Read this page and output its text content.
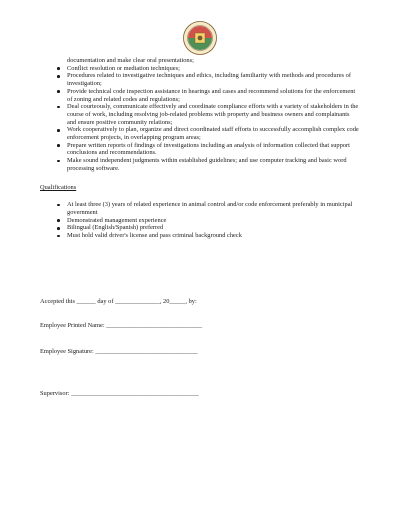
documentation and make clear oral presentations;

Conflict resolution or mediation techniques;
Procedures related to investigative techniques and ethics, including familiarity with methods and procedures of investigation;
Provide technical code inspection assistance in hearings and cases and recommend solutions for the enforcement of zoning and related codes and regulations;
Deal courteously, communicate effectively and coordinate compliance efforts with a variety of stakeholders in the course of work, including resolving job-related problems with property and business owners and complainants and ensure positive community relations;
Work cooperatively to plan, organize and direct coordinated staff efforts to successfully accomplish complex code enforcement projects, in overlapping program areas;
Prepare written reports of findings of investigations including an analysis of information collected that support conclusions and recommendations.
Make sound independent judgments within established guidelines; and use computer tracking and basic word processing software.

Qualifications

At least three (3) years of related experience in animal control and/or code enforcement preferably in municipal government
Demonstrated management experience
Bilingual (English/Spanish) preferred
Must hold valid driver's license and pass criminal background check
Accepted this ______ day of ______________, 20_____, by:
Employee Printed Name: ______________________________
Employee Signature: ________________________________
Supervisor: ________________________________________
